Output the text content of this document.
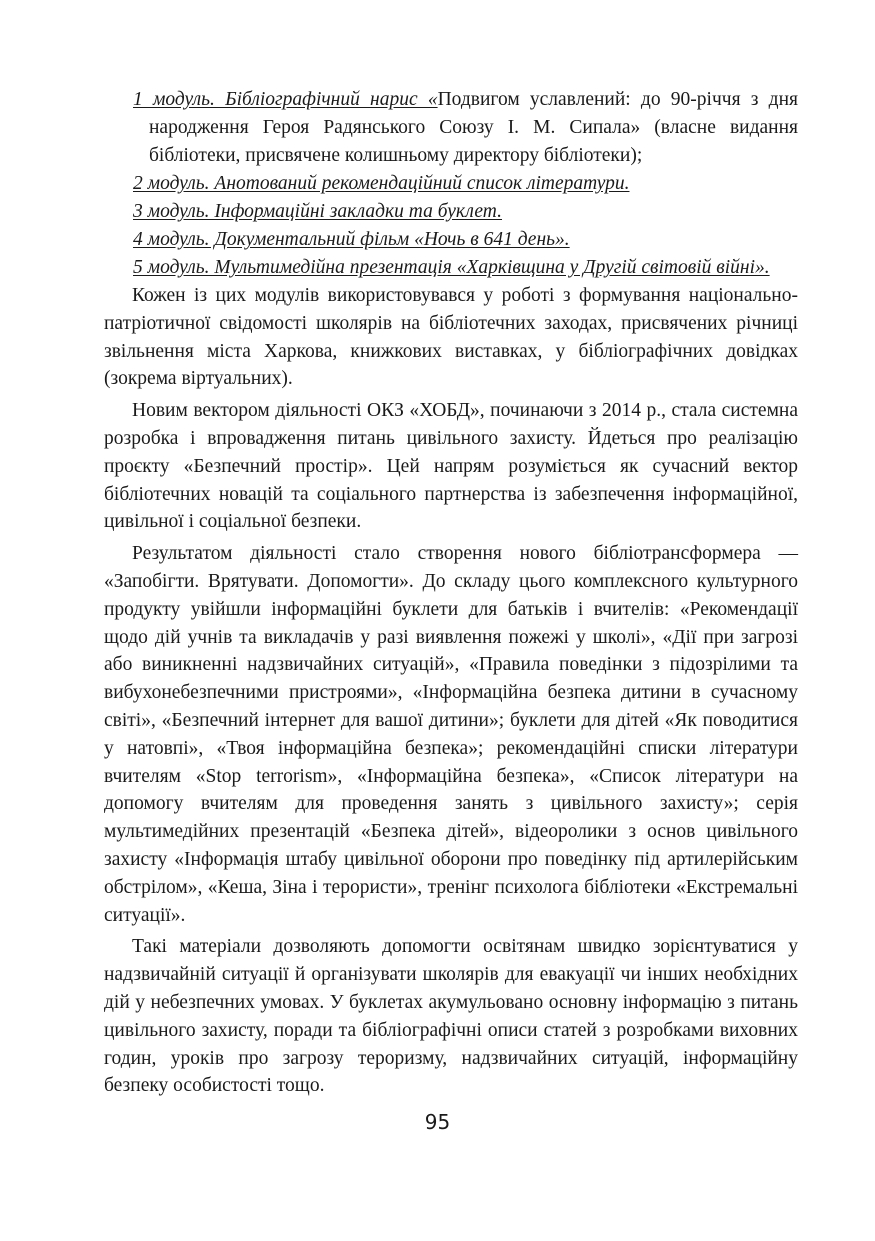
1 модуль. Бібліографічний нарис «Подвигом уславлений: до 90-річчя з дня народження Героя Радянського Союзу І. М. Сипала» (власне видання бібліотеки, присвячене колишньому директору бібліотеки);
2 модуль. Анотований рекомендаційний список літератури.
3 модуль. Інформаційні закладки та буклет.
4 модуль. Документальний фільм «Ночь в 641 день».
5 модуль. Мультимедійна презентація «Харківщина у Другій світовій війні».

Кожен із цих модулів використовувався у роботі з формування національно-патріотичної свідомості школярів на бібліотечних заходах, присвячених річниці звільнення міста Харкова, книжкових виставках, у бібліографічних довідках (зокрема віртуальних).

Новим вектором діяльності ОКЗ «ХОБД», починаючи з 2014 р., стала системна розробка і впровадження питань цивільного захисту. Йдеться про реалізацію проєкту «Безпечний простір». Цей напрям розуміється як сучасний вектор бібліотечних новацій та соціального партнерства із забезпечення інформаційної, цивільної і соціальної безпеки.

Результатом діяльності стало створення нового бібліотрансформера — «Запобігти. Врятувати. Допомогти». До складу цього комплексного культурного продукту увійшли інформаційні буклети для батьків і вчителів: «Рекомендації щодо дій учнів та викладачів у разі виявлення пожежі у школі», «Дії при загрозі або виникненні надзвичайних ситуацій», «Правила поведінки з підозрілими та вибухонебезпечними пристроями», «Інформаційна безпека дитини в сучасному світі», «Безпечний інтернет для вашої дитини»; буклети для дітей «Як поводитися у натовпі», «Твоя інформаційна безпека»; рекомендаційні списки літератури вчителям «Stop terrorism», «Інформаційна безпека», «Список літератури на допомогу вчителям для проведення занять з цивільного захисту»; серія мультимедійних презентацій «Безпека дітей», відеоролики з основ цивільного захисту «Інформація штабу цивільної оборони про поведінку під артилерійським обстрілом», «Кеша, Зіна і терористи», тренінг психолога бібліотеки «Екстремальні ситуації».

Такі матеріали дозволяють допомогти освітянам швидко зорієнтуватися у надзвичайній ситуації й організувати школярів для евакуації чи інших необхідних дій у небезпечних умовах. У буклетах акумульовано основну інформацію з питань цивільного захисту, поради та бібліографічні описи статей з розробками виховних годин, уроків про загрозу тероризму, надзвичайних ситуацій, інформаційну безпеку особистості тощо.

95
